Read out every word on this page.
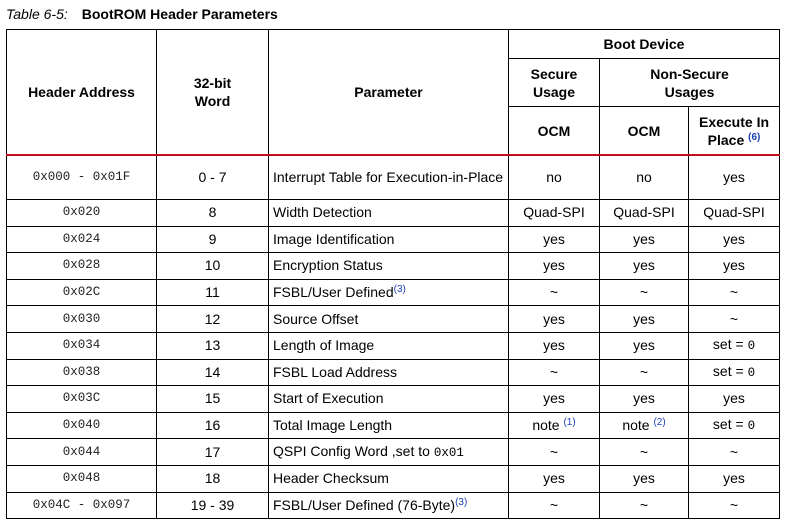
Table 6-5: BootROM Header Parameters
Header Address	32-bit Word	Parameter	Boot Device		

			Secure Usage	Non-Secure Usages	

			OCM	OCM	Execute In Place $^{(6)}$
0x000 - 0x01F	0 - 7	Interrupt Table for Execution-in-Place	no	no	yes
0x020	8	Width Detection	Quad-SPI	Quad-SPI	Quad-SPI
0x024	9	Image Identification	yes	yes	yes
0x028	10	Encryption Status	yes	yes	yes
0x02C	11	FSBL/User Defined$^{(3)}$	~	~	~
0x030	12	Source Offset	yes	yes	~
0x034	13	Length of Image	yes	yes	set = 0
0x038	14	FSBL Load Address	~	~	set = 0
0x03C	15	Start of Execution	yes	yes	yes
0x040	16	Total Image Length	note $^{(1)}$	note $^{(2)}$	set = 0
0x044	17	QSPI Config Word ,set to 0x01	~	~	~
0x048	18	Header Checksum	yes	yes	yes
0x04C - 0x097	19 - 39	FSBL/User Defined (76-Byte)$^{(3)}$	~	~	~
